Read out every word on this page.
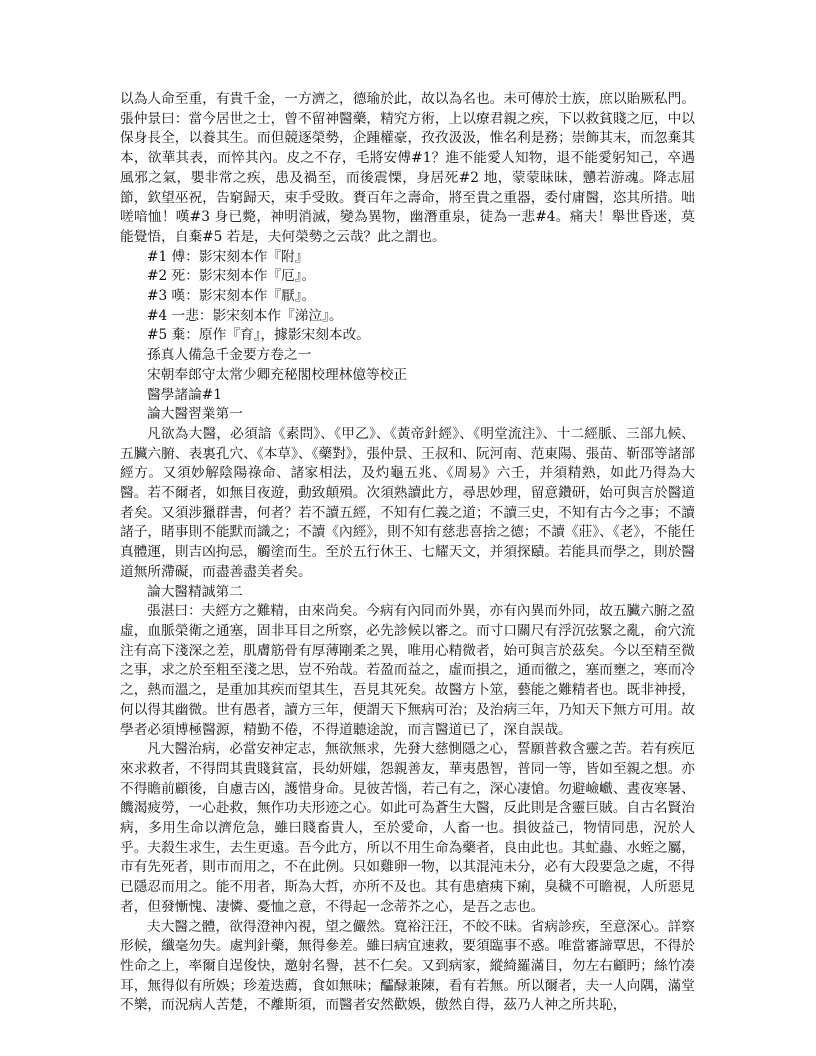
以為人命至重，有貴千金，一方濟之，德瑜於此，故以為名也。未可傳於士族，庶以貽厥私門。張仲景曰：當今居世之士，曾不留神醫藥，精究方術，上以療君親之疾，下以救貧賤之厄，中以保身長全，以養其生。而但競逐榮勢，企踵權豪，孜孜汲汲，惟名利是務；崇飾其末，而忽棄其本，欲華其表，而悴其內。皮之不存，毛將安傅#1？進不能愛人知物，退不能愛躬知己，卒遇風邪之氣，嬰非常之疾，患及禍至，而後震慄，身居死#2 地，蒙蒙昧昧，戇若游魂。降志屈節，欽望巫祝，告窮歸天，束手受敗。賚百年之壽命，將至貴之重器，委付庸醫，恣其所措。咄嗟喑恤！嘆#3 身已斃，神明消滅，變為異物，幽潛重泉，徒為一悲#4。痛夫！舉世昏迷，莫能覺悟，自棄#5 若是，夫何榮勢之云哉？此之謂也。

#1 傅：影宋刻本作『附』

#2 死：影宋刻本作『厄』。

#3 嘆：影宋刻本作『厭』。

#4 一悲：影宋刻本作『涕泣』。

#5 棄：原作『育』，據影宋刻本改。

孫真人備急千金要方卷之一

宋朝奉郎守太常少卿充秘閣校理林億等校正

醫學諸論#1

論大醫習業第一

凡欲為大醫，必須諳《素問》、《甲乙》、《黃帝針經》、《明堂流注》、十二經脈、三部九候、五臟六腑、表裏孔穴、《本草》、《藥對》，張仲景、王叔和、阮河南、范東陽、張苗、靳邵等諸部經方。又須妙解陰陽祿命、諸家相法，及灼龜五兆、《周易》六壬，并須精熟，如此乃得為大醫。若不爾者，如無目夜遊，動致顛殞。次須熟讀此方，尋思妙理，留意鑽研，始可與言於醫道者矣。又須涉獵群書，何者？若不讀五經，不知有仁義之道；不讀三史，不知有古今之事；不讀諸子，睹事則不能默而識之；不讀《內經》，則不知有慈悲喜捨之德；不讀《莊》、《老》，不能任真體運，則吉凶拘忌，觸塗而生。至於五行休王、七耀天文，并須探賾。若能具而學之，則於醫道無所滯礙，而盡善盡美者矣。

論大醫精誠第二

張湛曰：夫經方之難精，由來尚矣。今病有內同而外異，亦有內異而外同，故五臟六腑之盈虛，血脈榮衛之通塞，固非耳目之所察，必先診候以審之。而寸口關尺有浮沉弦緊之亂，俞穴流注有高下淺深之差，肌膚筋骨有厚薄剛柔之異，唯用心精微者，始可與言於茲矣。今以至精至微之事，求之於至粗至淺之思，豈不殆哉。若盈而益之，虛而損之，通而徹之，塞而壅之，寒而冷之，熱而溫之，是重加其疾而望其生，吾見其死矣。故醫方卜筮，藝能之難精者也。既非神授，何以得其幽微。世有愚者，讀方三年，便謂天下無病可治；及治病三年，乃知天下無方可用。故學者必須博極醫源，精勤不倦，不得道聽途說，而言醫道已了，深自誤哉。

凡大醫治病，必當安神定志，無欲無求，先發大慈惻隱之心，誓願普救含靈之苦。若有疾厄來求救者，不得問其貴賤貧富，長幼妍媸，怨親善友，華夷愚智，普同一等，皆如至親之想。亦不得瞻前顧後，自慮吉凶，護惜身命。見彼苦惱，若己有之，深心凄愴。勿避嶮巇、晝夜寒暑、饑渴疲勞，一心赴救，無作功夫形迹之心。如此可為蒼生大醫，反此則是含靈巨賊。自古名賢治病，多用生命以濟危急，雖曰賤畜貴人，至於愛命，人畜一也。損彼益己，物情同患，況於人乎。夫殺生求生，去生更遠。吾今此方，所以不用生命為藥者，良由此也。其虻蟲、水蛭之屬，市有先死者，則市而用之，不在此例。只如雞卵一物，以其混沌未分，必有大段要急之處，不得已隱忍而用之。能不用者，斯為大哲，亦所不及也。其有患瘡痍下痢，臭穢不可瞻視，人所惡見者，但發慚愧、凄憐、憂恤之意，不得起一念蒂芥之心，是吾之志也。

夫大醫之體，欲得澄神內視，望之儼然。寬裕汪汪，不皎不昧。省病診疾，至意深心。詳察形候，纖毫勿失。處判針藥，無得參差。雖曰病宜速救，要須臨事不惑。唯當審諦覃思，不得於性命之上，率爾自逞俊快，邀射名譽，甚不仁矣。又到病家，縱綺羅滿目，勿左右顧眄；絲竹凑耳，無得似有所娛；珍羞迭薦，食如無味；醽醁兼陳，看有若無。所以爾者，夫一人向隅，滿堂不樂，而況病人苦楚，不離斯須，而醫者安然歡娛，傲然自得，茲乃人神之所共恥，
